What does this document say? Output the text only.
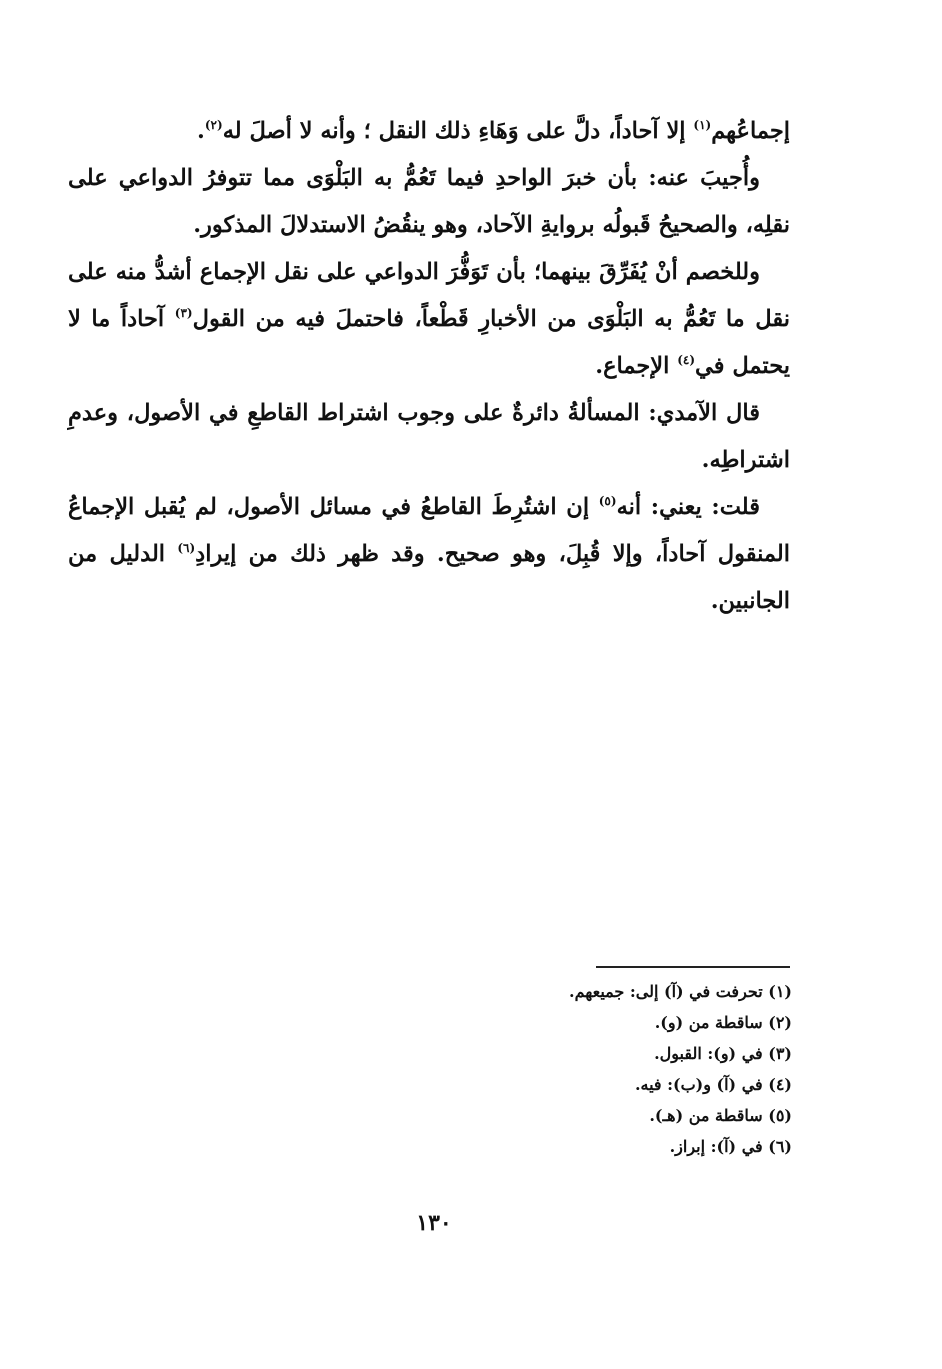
إجماعُهم$^{(١)}$ إلا آحاداً، دلَّ على وَهَاءِ ذلك النقل ؛ وأنه لا أصلَ له$^{(٢)}$.

وأُجيبَ عنه: بأن خبرَ الواحدِ فيما تَعُمُّ به البَلْوَى مما تتوفرُ الدواعي على نقلِه، والصحيحُ قَبولُه بروايةِ الآحاد، وهو ينقُضُ الاستدلالَ المذكور.

وللخصم أنْ يُفَرِّقَ بينهما؛ بأن تَوَفُّرَ الدواعي على نقل الإجماع أشدُّ منه على نقل ما تَعُمُّ به البَلْوَى من الأخبارِ قَطْعاً، فاحتملَ فيه من القول$^{(٣)}$ آحاداً ما لا يحتمل في$^{(٤)}$ الإجماع.

قال الآمدي: المسألةُ دائرةٌ على وجوب اشتراط القاطعِ في الأصول، وعدمِ اشتراطِه.

قلت: يعني: أنه$^{(٥)}$ إن اشتُرِطَ القاطعُ في مسائل الأصول، لم يُقبل الإجماعُ المنقول آحاداً، وإلا قُبِلَ، وهو صحيح. وقد ظهر ذلك من إيرادِ$^{(٦)}$ الدليل من الجانبين.

(١) تحرفت في (آ) إلى: جميعهم.

(٢) ساقطة من (و).

(٣) في (و): القبول.

(٤) في (آ) و(ب): فيه.

(٥) ساقطة من (هـ).

(٦) في (آ): إبراز.

١٣٠
